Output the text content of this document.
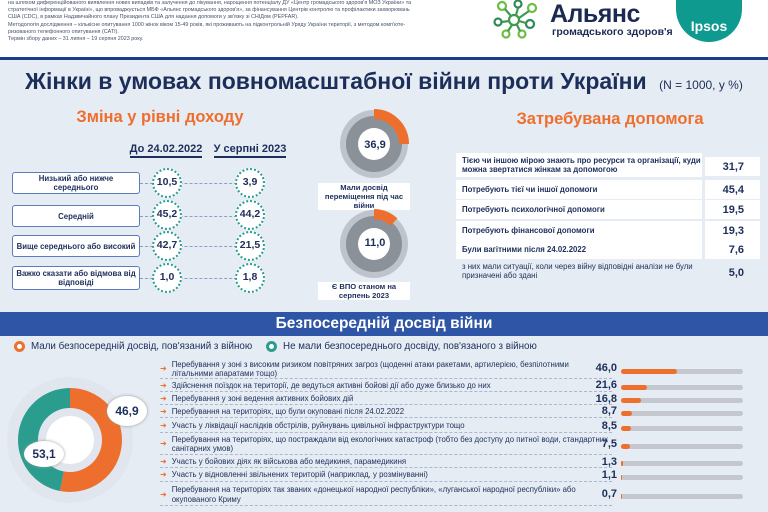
на шляхом диференційованого виявлення нових випадків та залучення до лікування, нарощення потенціалу ДУ «Центр громадського здоров'я МОЗ України» та
стратегічної інформації в Україні», що впроваджується МБФ «Альянс громадського здоров'я», за фінансування Центрів контролю та профілактики захворювань
США (CDC), в рамках Надзвичайного плану Президента США для надання допомоги у зв'язку зі СНІДом (PEPFAR).
Методологія дослідження – кількісне опитування 1000 жінок віком 15-49 років, які проживають на підконтрольній Уряду України території, з методом комп'юте-
ризованого телефонного опитування (CATI).
Термін збору даних – 31 липня – 19 серпня 2023 року.
Альянс
громадського здоров'я	Ipsos
Жінки в умовах повномасштабної війни проти України (N = 1000, у %)
Зміна у рівні доходу
До 24.02.2022	У серпні 2023
Низький або нижче середнього	10,5	3,9
Середній	45,2	44,2
Вище середнього або високий	42,7	21,5
Важко сказати або відмова від відповіді	1,0	1,8
36,9
Мали досвід переміщення під час війни
11,0
Є ВПО станом на серпень 2023
Затребувана допомога
Тією чи іншою мірою знають про ресурси та організації, куди можна звертатися жінкам за допомогою	31,7
Потребують тієї чи іншої допомоги	45,4
Потребують психологічної допомоги	19,5
Потребують фінансової допомоги	19,3
Були вагітними після 24.02.2022	7,6
з них мали ситуації, коли через війну відповідні аналізи не були призначені або здані	5,0
Безпосередній досвід війни
Мали безпосередній досвід, пов'язаний з війною	Не мали безпосереднього досвіду, пов'язаного з війною
53,1
46,9
➜
Перебування у зоні з високим ризиком повітряних загроз (щоденні атаки ракетами, артилерією, безпілотними літальними апаратами тощо)	46,0
➜ Здійснення поїздок на території, де ведуться активні бойові дії або дуже близько до них	21,6
➜ Перебування у зоні ведення активних бойових дій	16,8
➜ Перебування на територіях, що були окуповані після 24.02.2022	8,7
➜ Участь у ліквідації наслідків обстрілів, руйнувань цивільної інфраструктури тощо	8,5
➜
Перебування на територіях, що постраждали від екологічних катастроф (тобто без доступу до питної води, стандартних санітарних умов)	7,5
➜ Участь у бойових діях як військова або медикиня, парамедикиня	1,3
➜ Участь у відновленні звільнених територій (наприклад, у розмінуванні)	1,1
➜
Перебування на територіях так званих «донецької народної республіки», «луганської народної республіки» або окупованого Криму	0,7
